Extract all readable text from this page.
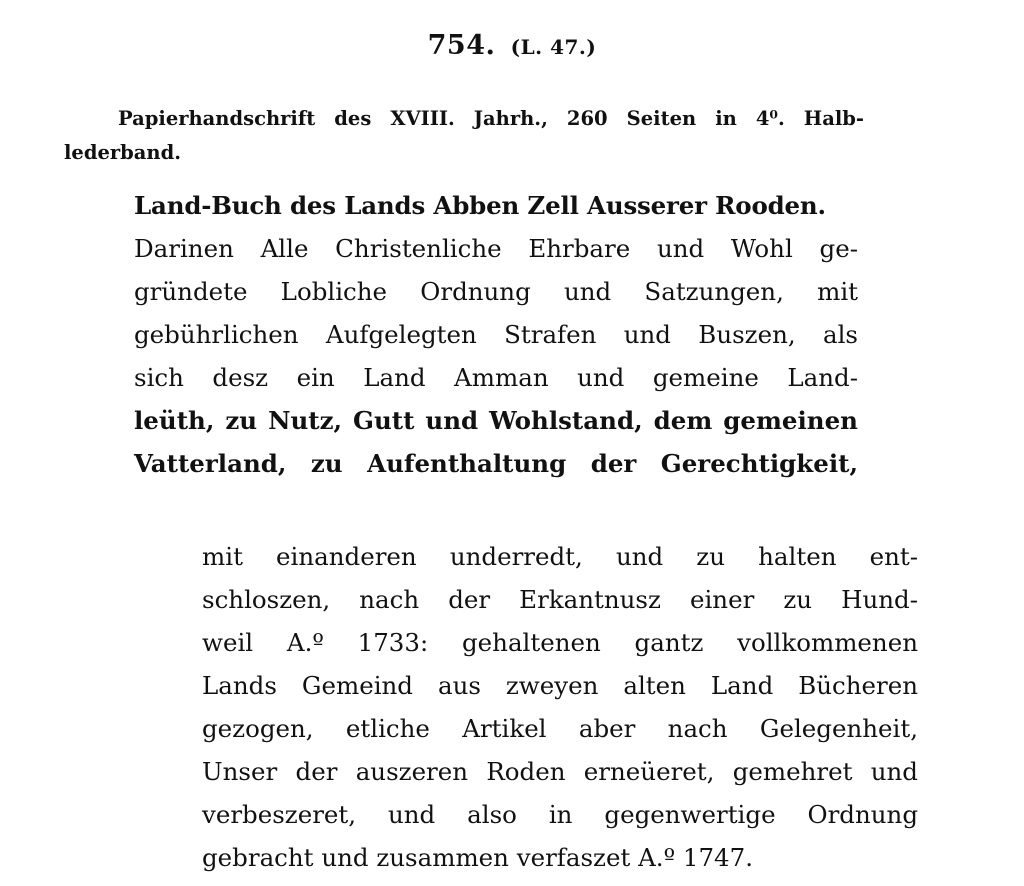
754. (L. 47.)
Papierhandschrift des XVIII. Jahrh., 260 Seiten in 4⁰. Halb-
lederband.
Land-Buch des Lands Abben Zell Ausserer Rooden.
Darinen Alle Christenliche Ehrbare und Wohl ge-
gründete Lobliche Ordnung und Satzungen, mit
gebührlichen Aufgelegten Strafen und Buszen, als
sich desz ein Land Amman und gemeine Land-
leüth, zu Nutz, Gutt und Wohlstand, dem gemeinen
Vatterland, zu Aufenthaltung der Gerechtigkeit,
mit einanderen underredt, und zu halten ent-
schloszen, nach der Erkantnusz einer zu Hund-
weil A.º 1733: gehaltenen gantz vollkommenen
Lands Gemeind aus zweyen alten Land Bücheren
gezogen, etliche Artikel aber nach Gelegenheit,
Unser der auszeren Roden erneüeret, gemehret und
verbeszeret, und also in gegenwertige Ordnung
gebracht und zusammen verfaszet A.º 1747.
